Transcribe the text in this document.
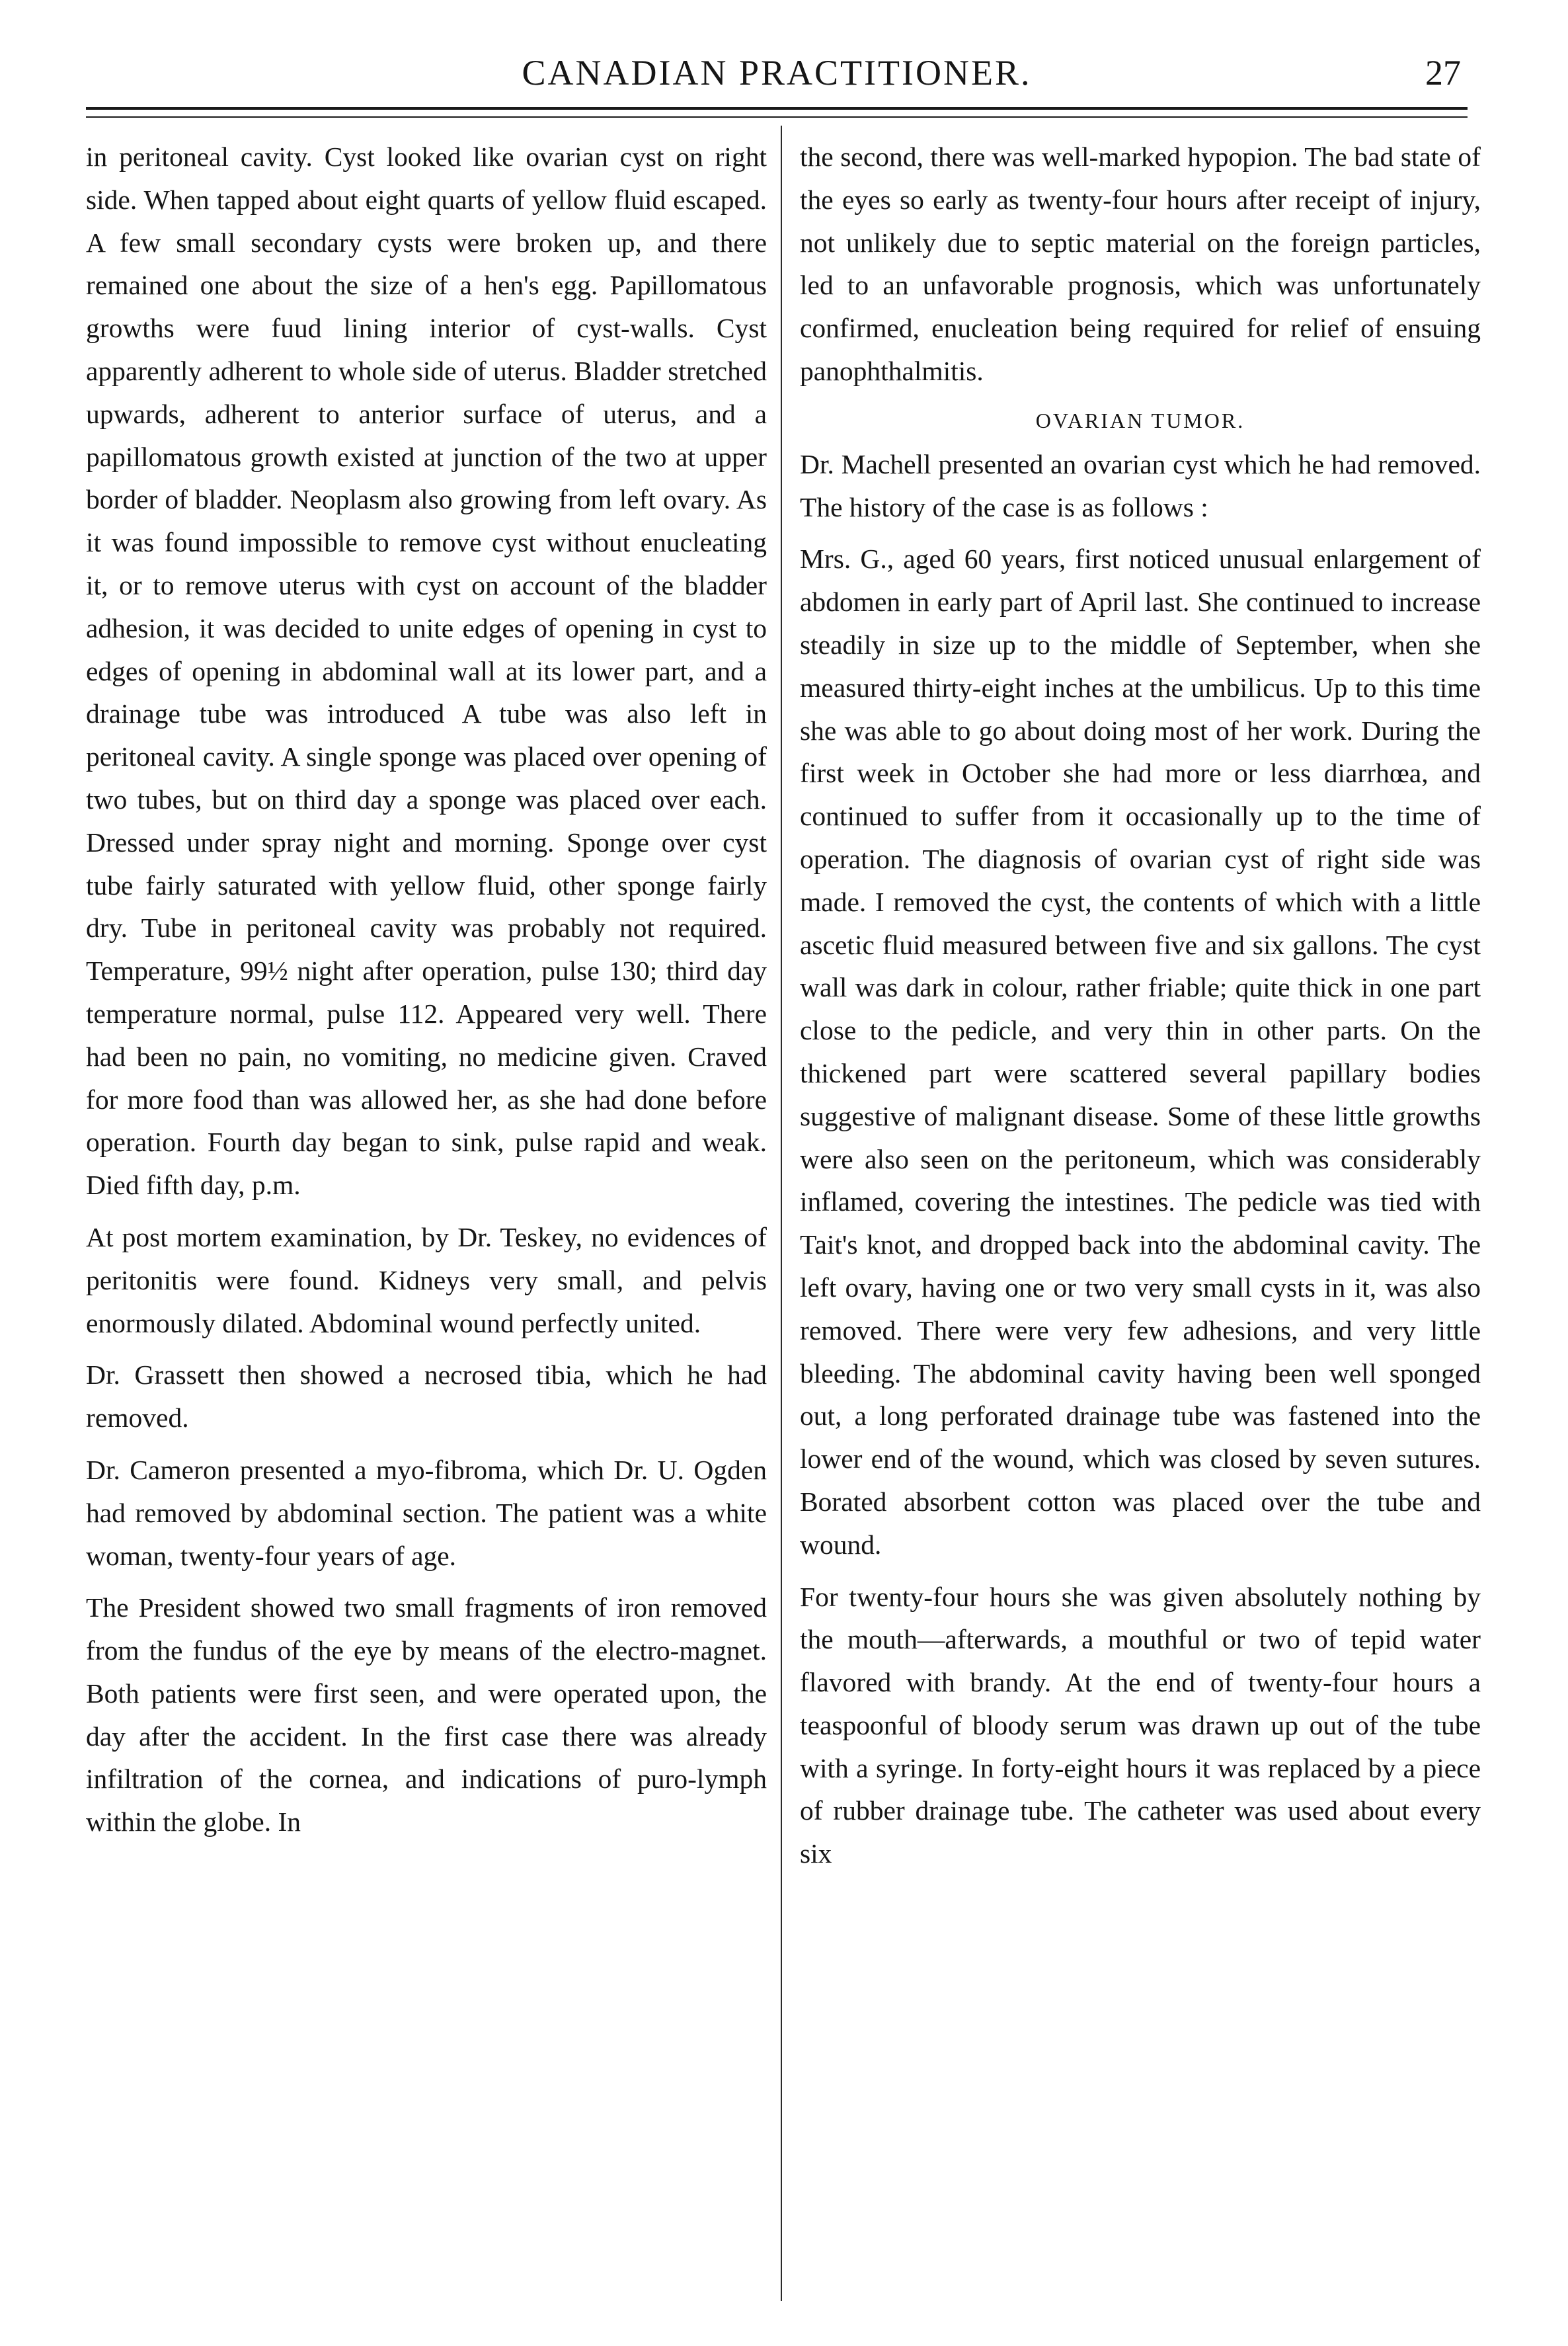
CANADIAN PRACTITIONER.	27

in peritoneal cavity. Cyst looked like ovarian cyst on right side. When tapped about eight quarts of yellow fluid escaped. A few small secondary cysts were broken up, and there remained one about the size of a hen's egg. Papillomatous growths were fuud lining interior of cyst-walls. Cyst apparently adherent to whole side of uterus. Bladder stretched upwards, adherent to anterior surface of uterus, and a papillomatous growth existed at junction of the two at upper border of bladder. Neoplasm also growing from left ovary. As it was found impossible to remove cyst without enucleating it, or to remove uterus with cyst on account of the bladder adhesion, it was decided to unite edges of opening in cyst to edges of opening in abdominal wall at its lower part, and a drainage tube was introduced A tube was also left in peritoneal cavity. A single sponge was placed over opening of two tubes, but on third day a sponge was placed over each. Dressed under spray night and morning. Sponge over cyst tube fairly saturated with yellow fluid, other sponge fairly dry. Tube in peritoneal cavity was probably not required. Temperature, 99½ night after operation, pulse 130; third day temperature normal, pulse 112. Appeared very well. There had been no pain, no vomiting, no medicine given. Craved for more food than was allowed her, as she had done before operation. Fourth day began to sink, pulse rapid and weak. Died fifth day, p.m.

At post mortem examination, by Dr. Teskey, no evidences of peritonitis were found. Kidneys very small, and pelvis enormously dilated. Abdominal wound perfectly united.

Dr. Grassett then showed a necrosed tibia, which he had removed.

Dr. Cameron presented a myo-fibroma, which Dr. U. Ogden had removed by abdominal section. The patient was a white woman, twenty-four years of age.

The President showed two small fragments of iron removed from the fundus of the eye by means of the electro-magnet. Both patients were first seen, and were operated upon, the day after the accident. In the first case there was already infiltration of the cornea, and indications of puro-lymph within the globe. In

the second, there was well-marked hypopion. The bad state of the eyes so early as twenty-four hours after receipt of injury, not unlikely due to septic material on the foreign particles, led to an unfavorable prognosis, which was unfortunately confirmed, enucleation being required for relief of ensuing panophthalmitis.

OVARIAN TUMOR.

Dr. Machell presented an ovarian cyst which he had removed. The history of the case is as follows :

Mrs. G., aged 60 years, first noticed unusual enlargement of abdomen in early part of April last. She continued to increase steadily in size up to the middle of September, when she measured thirty-eight inches at the umbilicus. Up to this time she was able to go about doing most of her work. During the first week in October she had more or less diarrhœa, and continued to suffer from it occasionally up to the time of operation. The diagnosis of ovarian cyst of right side was made. I removed the cyst, the contents of which with a little ascetic fluid measured between five and six gallons. The cyst wall was dark in colour, rather friable; quite thick in one part close to the pedicle, and very thin in other parts. On the thickened part were scattered several papillary bodies suggestive of malignant disease. Some of these little growths were also seen on the peritoneum, which was considerably inflamed, covering the intestines. The pedicle was tied with Tait's knot, and dropped back into the abdominal cavity. The left ovary, having one or two very small cysts in it, was also removed. There were very few adhesions, and very little bleeding. The abdominal cavity having been well sponged out, a long perforated drainage tube was fastened into the lower end of the wound, which was closed by seven sutures. Borated absorbent cotton was placed over the tube and wound.

For twenty-four hours she was given absolutely nothing by the mouth—afterwards, a mouthful or two of tepid water flavored with brandy. At the end of twenty-four hours a teaspoonful of bloody serum was drawn up out of the tube with a syringe. In forty-eight hours it was replaced by a piece of rubber drainage tube. The catheter was used about every six
